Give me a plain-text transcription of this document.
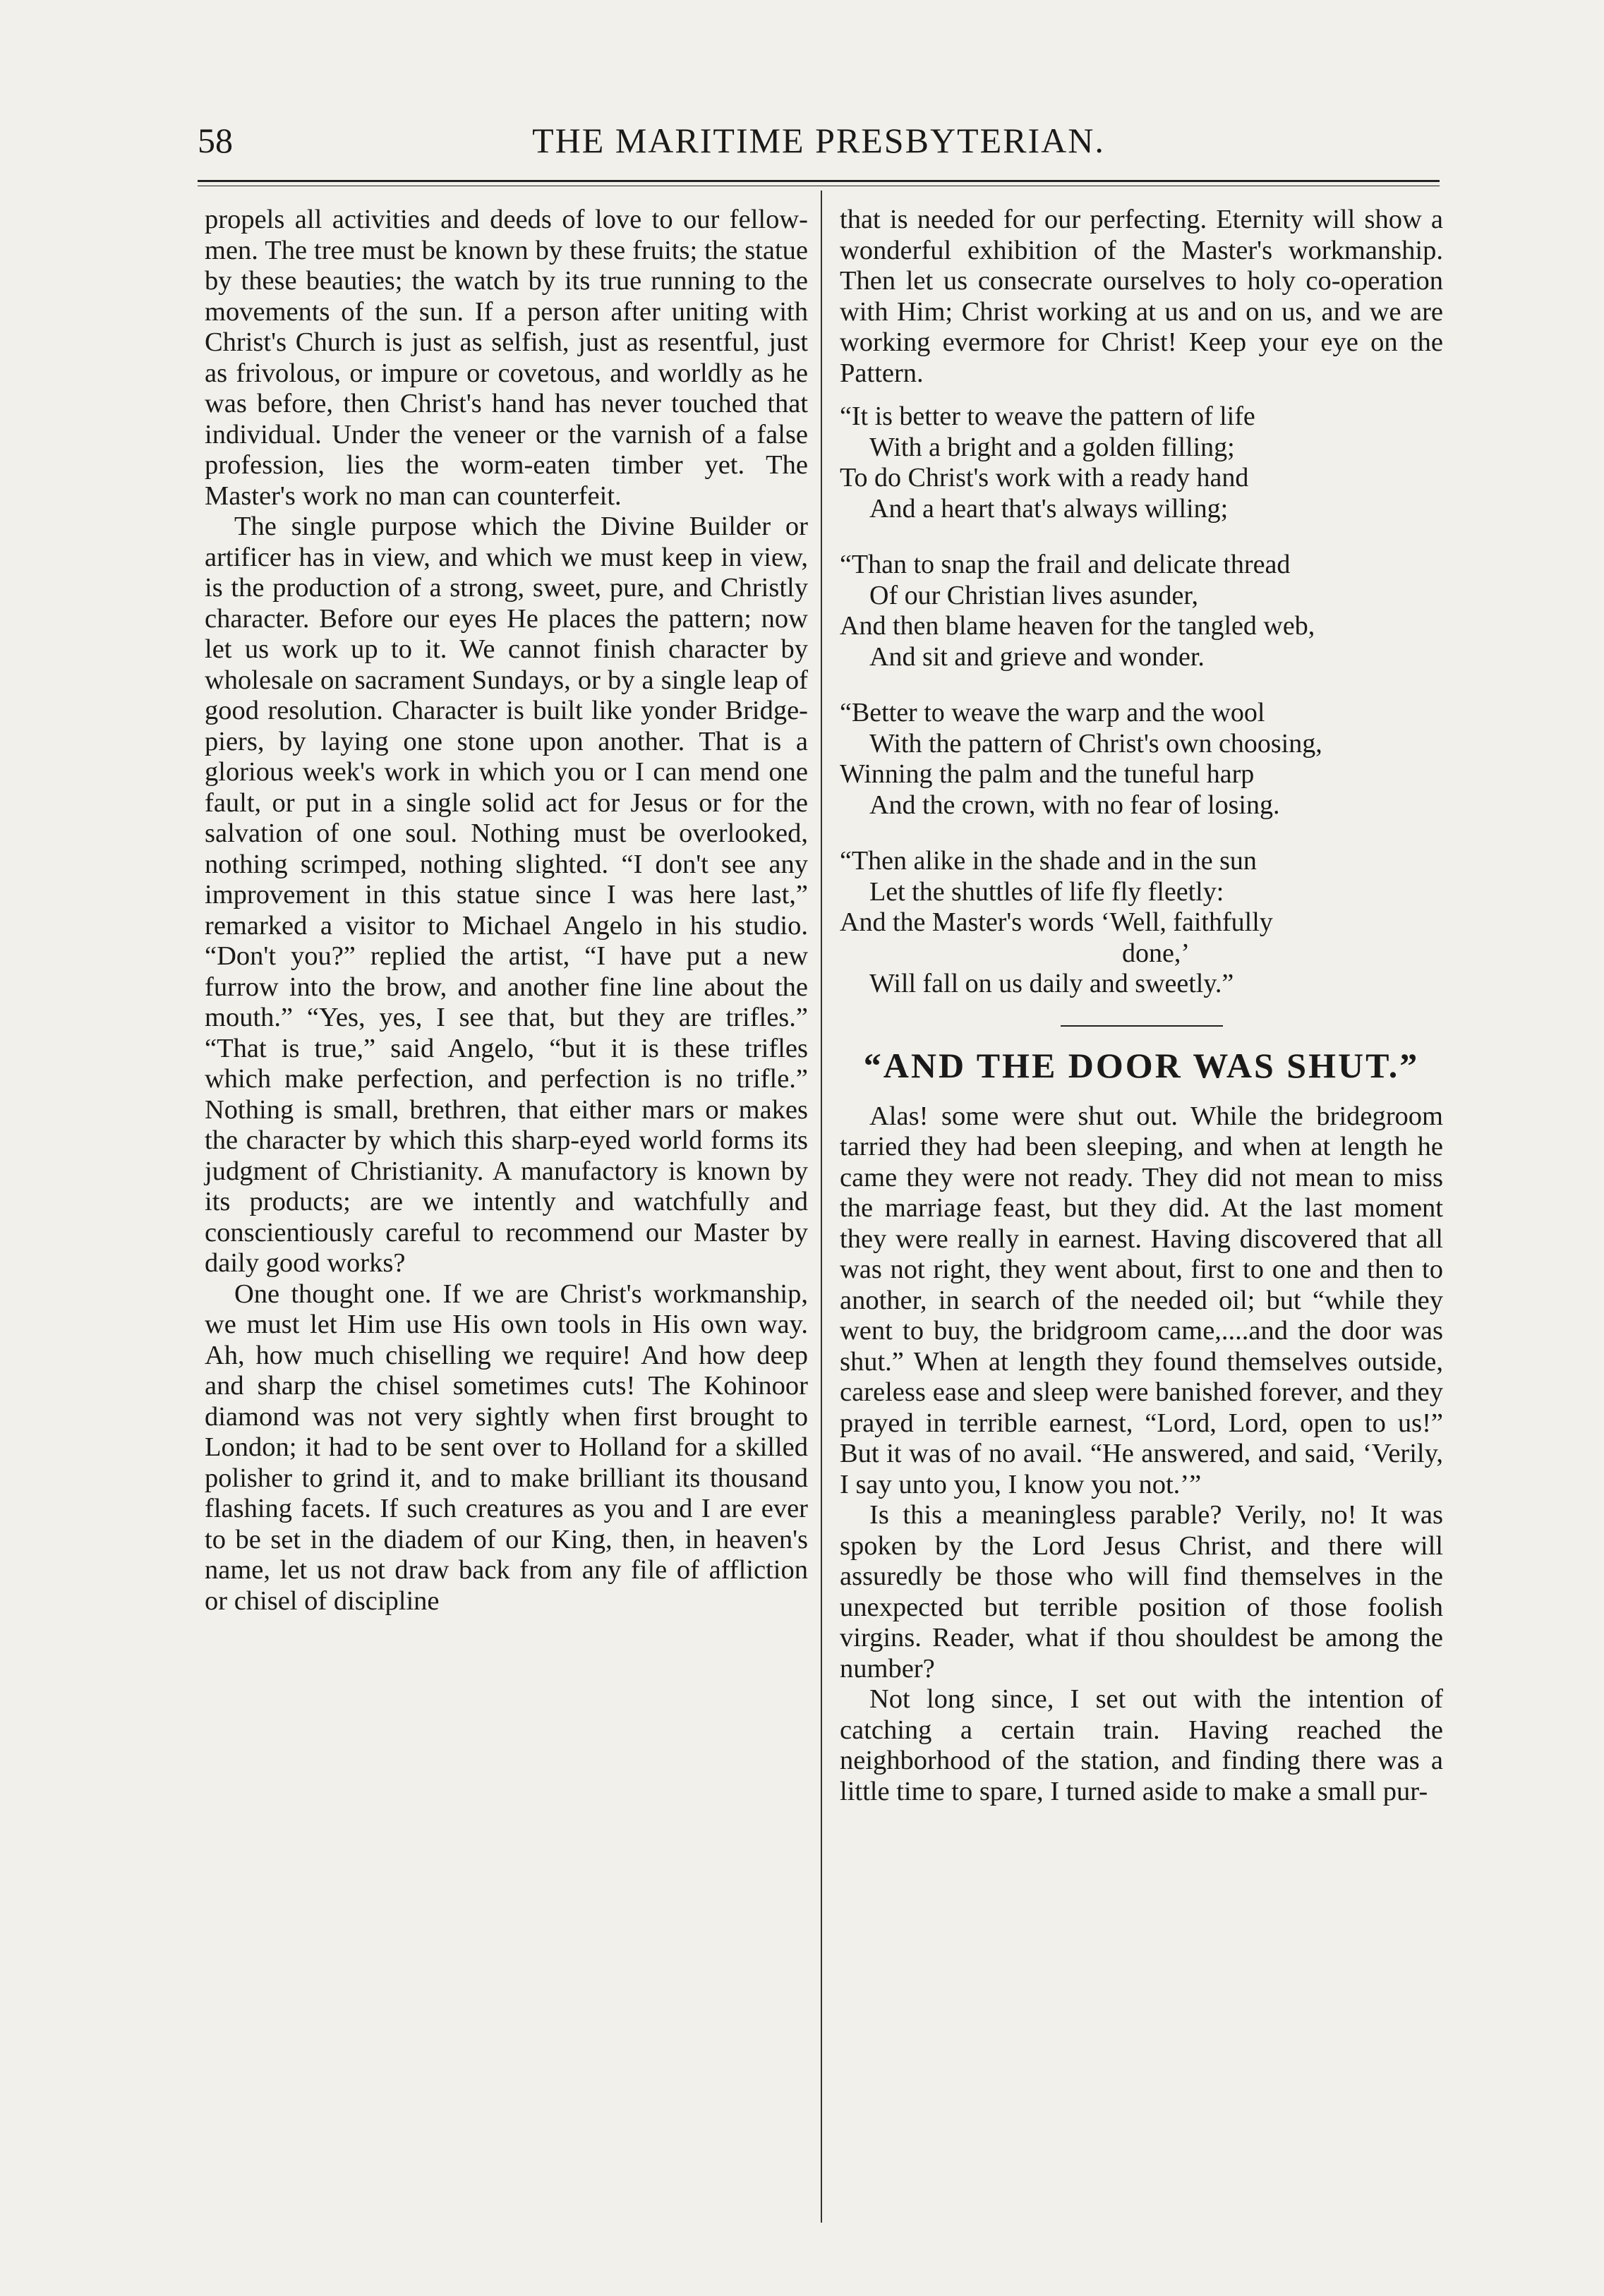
58	THE MARITIME PRESBYTERIAN.

propels all activities and deeds of love to our fellow-men. The tree must be known by these fruits; the statue by these beauties; the watch by its true running to the movements of the sun. If a person after uniting with Christ's Church is just as selfish, just as resentful, just as frivolous, or impure or covetous, and worldly as he was before, then Christ's hand has never touched that individual. Under the veneer or the varnish of a false profession, lies the worm-eaten timber yet. The Master's work no man can counterfeit.

The single purpose which the Divine Builder or artificer has in view, and which we must keep in view, is the production of a strong, sweet, pure, and Christly character. Before our eyes He places the pattern; now let us work up to it. We cannot finish character by wholesale on sacrament Sundays, or by a single leap of good resolution. Character is built like yonder Bridge-piers, by laying one stone upon another. That is a glorious week's work in which you or I can mend one fault, or put in a single solid act for Jesus or for the salvation of one soul. Nothing must be overlooked, nothing scrimped, nothing slighted. “I don't see any improvement in this statue since I was here last,” remarked a visitor to Michael Angelo in his studio. “Don't you?” replied the artist, “I have put a new furrow into the brow, and another fine line about the mouth.” “Yes, yes, I see that, but they are trifles.” “That is true,” said Angelo, “but it is these trifles which make perfection, and perfection is no trifle.” Nothing is small, brethren, that either mars or makes the character by which this sharp-eyed world forms its judgment of Christianity. A manufactory is known by its products; are we intently and watchfully and conscientiously careful to recommend our Master by daily good works?

One thought one. If we are Christ's workmanship, we must let Him use His own tools in His own way. Ah, how much chiselling we require! And how deep and sharp the chisel sometimes cuts! The Kohinoor diamond was not very sightly when first brought to London; it had to be sent over to Holland for a skilled polisher to grind it, and to make brilliant its thousand flashing facets. If such creatures as you and I are ever to be set in the diadem of our King, then, in heaven's name, let us not draw back from any file of affliction or chisel of discipline

that is needed for our perfecting. Eternity will show a wonderful exhibition of the Master's workmanship. Then let us consecrate ourselves to holy co-operation with Him; Christ working at us and on us, and we are working evermore for Christ! Keep your eye on the Pattern.

“It is better to weave the pattern of life
With a bright and a golden filling;
To do Christ's work with a ready hand
And a heart that's always willing;
“Than to snap the frail and delicate thread
Of our Christian lives asunder,
And then blame heaven for the tangled web,
And sit and grieve and wonder.
“Better to weave the warp and the wool
With the pattern of Christ's own choosing,
Winning the palm and the tuneful harp
And the crown, with no fear of losing.
“Then alike in the shade and in the sun
Let the shuttles of life fly fleetly:
And the Master's words ‘Well, faithfully
done,’
Will fall on us daily and sweetly.”
“AND THE DOOR WAS SHUT.”

Alas! some were shut out. While the bridegroom tarried they had been sleeping, and when at length he came they were not ready. They did not mean to miss the marriage feast, but they did. At the last moment they were really in earnest. Having discovered that all was not right, they went about, first to one and then to another, in search of the needed oil; but “while they went to buy, the bridgroom came,....and the door was shut.” When at length they found themselves outside, careless ease and sleep were banished forever, and they prayed in terrible earnest, “Lord, Lord, open to us!” But it was of no avail. “He answered, and said, ‘Verily, I say unto you, I know you not.’”

Is this a meaningless parable? Verily, no! It was spoken by the Lord Jesus Christ, and there will assuredly be those who will find themselves in the unexpected but terrible position of those foolish virgins. Reader, what if thou shouldest be among the number?

Not long since, I set out with the intention of catching a certain train. Having reached the neighborhood of the station, and finding there was a little time to spare, I turned aside to make a small pur-
